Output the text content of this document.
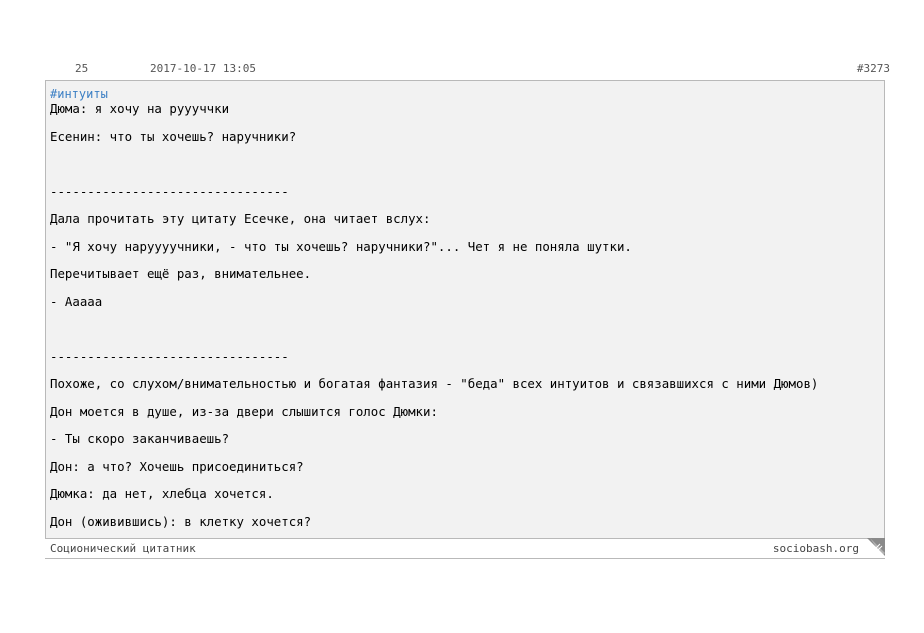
25	2017-10-17 13:05	#3273
#интуиты
Дюма: я хочу на руууччки
Есенин: что ты хочешь? наручники?
--------------------------------
Дала прочитать эту цитату Есечке, она читает вслух:
- "Я хочу наруууучники, - что ты хочешь? наручники?"... Чет я не поняла шутки.
Перечитывает ещё раз, внимательнее.
- Ааааа
--------------------------------
Похоже, со слухом/внимательностью и богатая фантазия - "беда" всех интуитов и связавшихся с ними Дюмов)
Дон моется в душе, из-за двери слышится голос Дюмки:
- Ты скоро заканчиваешь?
Дон: а что? Хочешь присоединиться?
Дюмка: да нет, хлебца хочется.
Дон (оживившись): в клетку хочется?
Соционический цитатник	sociobash.org
